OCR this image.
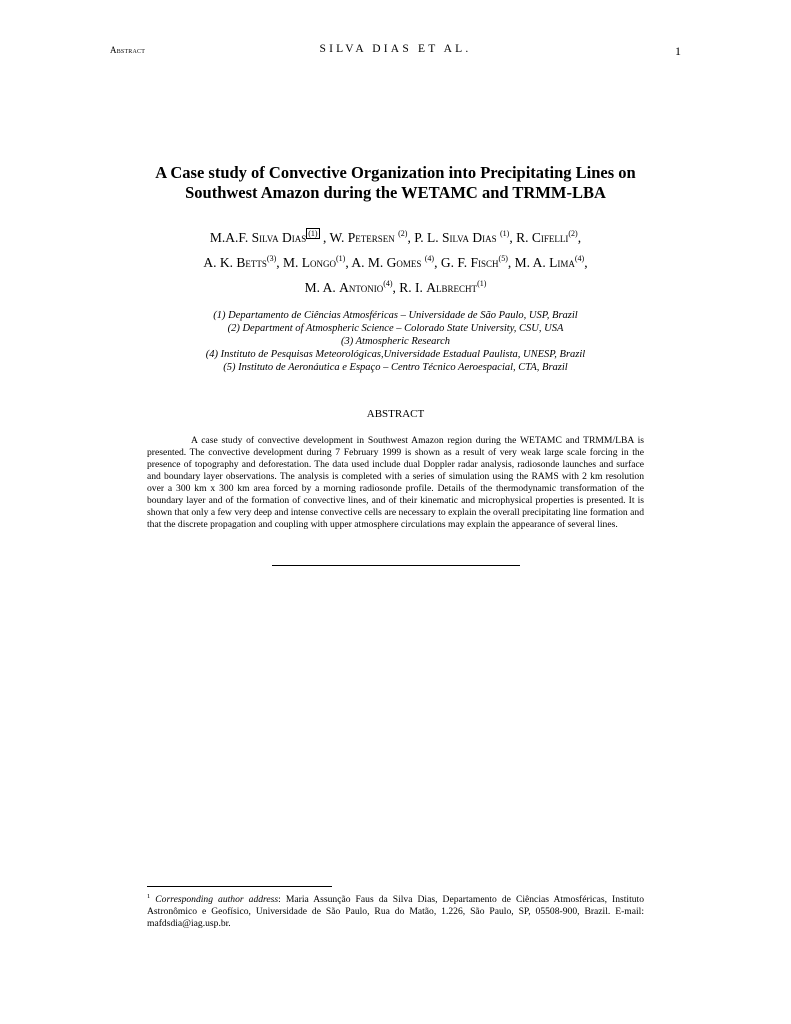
Abstract	SILVA DIAS ET AL.	1
A Case study of Convective Organization into Precipitating Lines on
Southwest Amazon during the WETAMC and TRMM-LBA
M.A.F. Silva Dias $^{(1)}$ , W. Petersen $^{(2)}$, P. L. Silva Dias $^{(1)}$, R. Cifelli$^{(2)}$,
A. K. Betts$^{(3)}$, M. Longo$^{(1)}$, A. M. Gomes $^{(4)}$, G. F. Fisch$^{(5)}$, M. A. Lima$^{(4)}$,
M. A. Antonio$^{(4)}$, R. I. Albrecht$^{(1)}$
(1) Departamento de Ciências Atmosféricas – Universidade de São Paulo, USP, Brazil
(2) Department of Atmospheric Science – Colorado State University, CSU, USA
(3) Atmospheric Research
(4) Instituto de Pesquisas Meteorológicas,Universidade Estadual Paulista, UNESP, Brazil
(5) Instituto de Aeronáutica e Espaço – Centro Técnico Aeroespacial, CTA, Brazil
ABSTRACT

A case study of convective development in Southwest Amazon region during the WETAMC and TRMM/LBA is presented. The convective development during 7 February 1999 is shown as a result of very weak large scale forcing in the presence of topography and deforestation. The data used include dual Doppler radar analysis, radiosonde launches and surface and boundary layer observations. The analysis is completed with a series of simulation using the RAMS with 2 km resolution over a 300 km x 300 km area forced by a morning radiosonde profile. Details of the thermodynamic transformation of the boundary layer and of the formation of convective lines, and of their kinematic and microphysical properties is presented. It is shown that only a few very deep and intense convective cells are necessary to explain the overall precipitating line formation and that the discrete propagation and coupling with upper atmosphere circulations may explain the appearance of several lines.

$^1$ Corresponding author address: Maria Assunção Faus da Silva Dias, Departamento de Ciências Atmosféricas, Instituto Astronômico e Geofísico, Universidade de São Paulo, Rua do Matão, 1.226, São Paulo, SP, 05508-900, Brazil. E-mail: mafdsdia@iag.usp.br.
